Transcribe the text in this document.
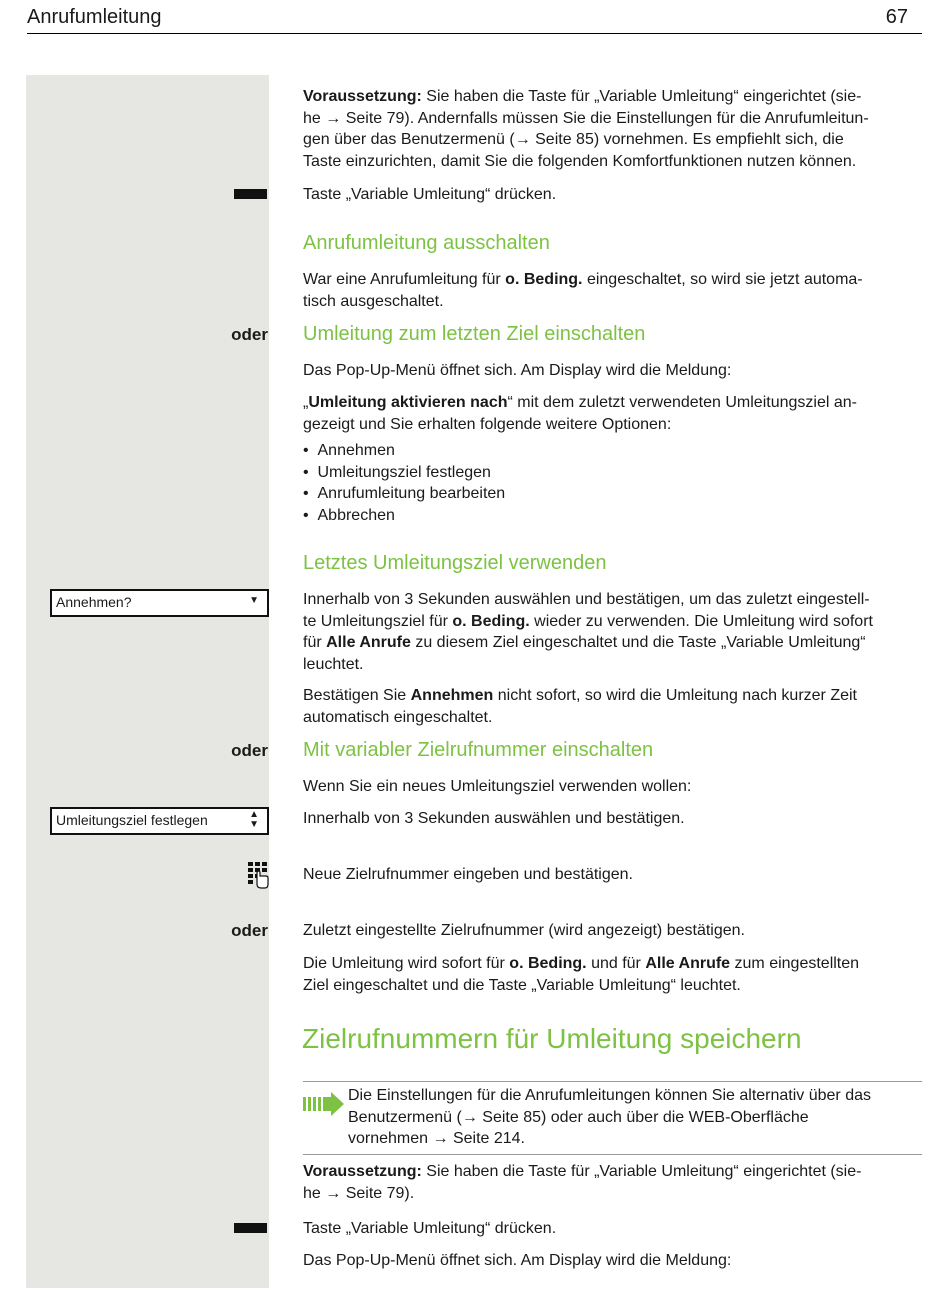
Anrufumleitung	67
oder
Annehmen?	▼
oder
Umleitungsziel festlegen	▲
▼
oder
Voraussetzung: Sie haben die Taste für „Variable Umleitung“ eingerichtet (sie-
he → Seite 79). Andernfalls müssen Sie die Einstellungen für die Anrufumleitun-
gen über das Benutzermenü (→ Seite 85) vornehmen. Es empfiehlt sich, die
Taste einzurichten, damit Sie die folgenden Komfortfunktionen nutzen können.
Taste „Variable Umleitung“ drücken.
Anrufumleitung ausschalten
War eine Anrufumleitung für o. Beding. eingeschaltet, so wird sie jetzt automa-
tisch ausgeschaltet.
Umleitung zum letzten Ziel einschalten
Das Pop-Up-Menü öffnet sich. Am Display wird die Meldung:
„Umleitung aktivieren nach“ mit dem zuletzt verwendeten Umleitungsziel an-
gezeigt und Sie erhalten folgende weitere Optionen:
•  Annehmen
•  Umleitungsziel festlegen
•  Anrufumleitung bearbeiten
•  Abbrechen
Letztes Umleitungsziel verwenden
Innerhalb von 3 Sekunden auswählen und bestätigen, um das zuletzt eingestell-
te Umleitungsziel für o. Beding. wieder zu verwenden. Die Umleitung wird sofort
für Alle Anrufe zu diesem Ziel eingeschaltet und die Taste „Variable Umleitung“
leuchtet.
Bestätigen Sie Annehmen nicht sofort, so wird die Umleitung nach kurzer Zeit
automatisch eingeschaltet.
Mit variabler Zielrufnummer einschalten
Wenn Sie ein neues Umleitungsziel verwenden wollen:
Innerhalb von 3 Sekunden auswählen und bestätigen.
Neue Zielrufnummer eingeben und bestätigen.
Zuletzt eingestellte Zielrufnummer (wird angezeigt) bestätigen.
Die Umleitung wird sofort für o. Beding. und für Alle Anrufe zum eingestellten
Ziel eingeschaltet und die Taste „Variable Umleitung“ leuchtet.
Zielrufnummern für Umleitung speichern
Die Einstellungen für die Anrufumleitungen können Sie alternativ über das
Benutzermenü (→ Seite 85) oder auch über die WEB-Oberfläche
vornehmen → Seite 214.
Voraussetzung: Sie haben die Taste für „Variable Umleitung“ eingerichtet (sie-
he → Seite 79).
Taste „Variable Umleitung“ drücken.
Das Pop-Up-Menü öffnet sich. Am Display wird die Meldung:
